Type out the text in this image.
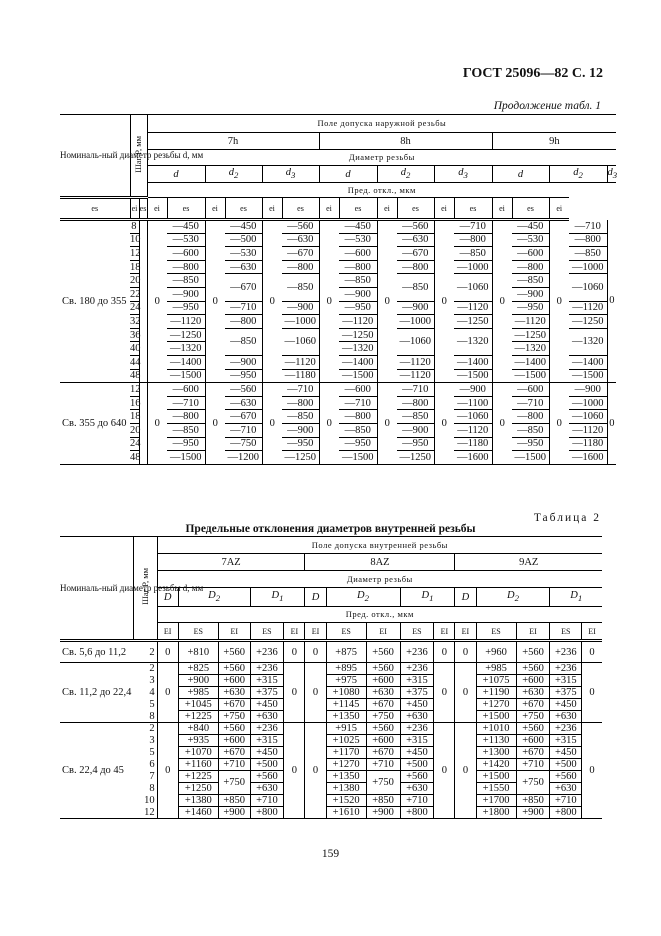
ГОСТ 25096—82 С. 12
Продолжение табл. 1
Номиналь-ный диаметр резьбы d, мм	Шаг P, мм		Поле допуска наружной резьбы																	
			7h						8h						9h					
			Диаметр резьбы																	
			d		$d_2$		$d_3$		d		$d_2$		$d_3$		d		$d_2$		$d_3$
			Пред. откл., мкм																	
es	ei	es	ei	es	ei	es	ei	es	ei	es	ei	es	ei	es	ei	es	ei			
Св. 180 до 355	8		0	—450	0	—450	0	—560	0	—450	0	—560	0	—710	0	—450	0	—710	0	
	10			—530		—500		—630		—530		—630		—800		—530		—800	
	12			—600		—530		—670		—600		—670		—850		—600		—850	
	18			—800		—630		—800		—800		—800		—1000		—800		—1000	
	20			—850		—670		—850		—850		—850		—1060		—850		—1060	
	22			—900						—900						—900				
	24			—950		—710		—900		—950		—900		—1120		—950		—1120	
	32			—1120		—800		—1000		—1120		—1000		—1250		—1120		—1250	
	36			—1250		—850		—1060		—1250		—1060		—1320		—1250		—1320	
	40			—1320						—1320						—1320				
	44			—1400		—900		—1120		—1400		—1120		—1400		—1400		—1400	
	48			—1500		—950		—1180		—1500		—1120		—1500		—1500		—1500	
Св. 355 до 640	12		0	—600	0	—560	0	—710	0	—600	0	—710	0	—900	0	—600	0	—900	0	
	16			—710		—630		—800		—710		—800		—1100		—710		—1000	
	18			—800		—670		—850		—800		—850		—1060		—800		—1060	
	20			—850		—710		—900		—850		—900		—1120		—850		—1120	
	24			—950		—750		—950		—950		—950		—1180		—950		—1180	
	48			—1500		—1200		—1250		—1500		—1250		—1600		—1500		—1600	
Таблица 2
Предельные отклонения диаметров внутренней резьбы
Номиналь-ный диаметр резьбы d, мм	Шаг P, мм	Поле допуска внутренней резьбы														
		7AZ					8AZ					9AZ				
		Диаметр резьбы														
		D	$D_2$		$D_1$		D	$D_2$		$D_1$		D	$D_2$		$D_1$
		Пред. откл., мкм														
		EI	ES	EI	ES	EI	EI	ES	EI	ES	EI	EI	ES	EI	ES	EI
Св. 5,6 до 11,2	2	0	+810	+560	+236	0	0	+875	+560	+236	0	0	+960	+560	+236	0
Св. 11,2 до 22,4	2	0	+825	+560	+236	0	0	+895	+560	+236	0	0	+985	+560	+236	0
	3		+900	+600	+315			+975	+600	+315			+1075	+600	+315	
	4		+985	+630	+375			+1080	+630	+375			+1190	+630	+375	
	5		+1045	+670	+450			+1145	+670	+450			+1270	+670	+450	
	8		+1225	+750	+630			+1350	+750	+630			+1500	+750	+630	
Св. 22,4 до 45	2	0	+840	+560	+236	0	0	+915	+560	+236	0	0	+1010	+560	+236	0
	3		+935	+600	+315			+1025	+600	+315			+1130	+600	+315	
	5		+1070	+670	+450			+1170	+670	+450			+1300	+670	+450	
	6		+1160	+710	+500			+1270	+710	+500			+1420	+710	+500	
	7		+1225	+750	+560			+1350	+750	+560			+1500	+750	+560	
	8		+1250		+630			+1380		+630			+1550		+630	
	10		+1380	+850	+710			+1520	+850	+710			+1700	+850	+710	
	12		+1460	+900	+800			+1610	+900	+800			+1800	+900	+800	
159
